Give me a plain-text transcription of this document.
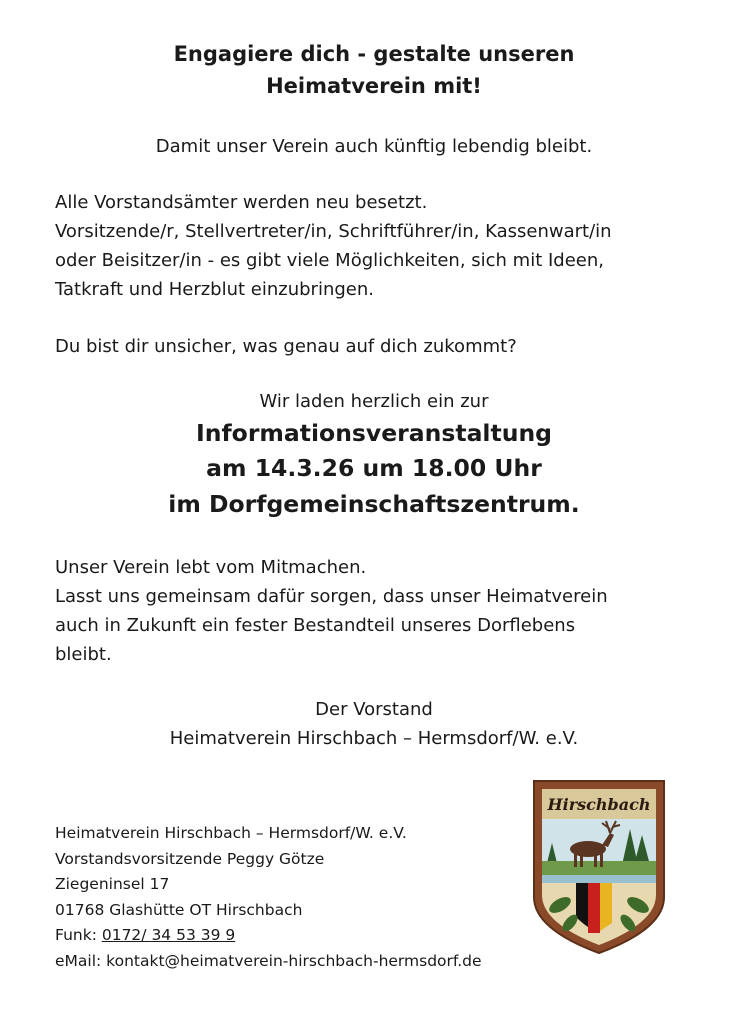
Engagiere dich - gestalte unseren
Heimatverein mit!
Damit unser Verein auch künftig lebendig bleibt.
Alle Vorstandsämter werden neu besetzt.
Vorsitzende/r, Stellvertreter/in, Schriftführer/in, Kassenwart/in
oder Beisitzer/in - es gibt viele Möglichkeiten, sich mit Ideen,
Tatkraft und Herzblut einzubringen.
Du bist dir unsicher, was genau auf dich zukommt?
Wir laden herzlich ein zur
Informationsveranstaltung
am 14.3.26 um 18.00 Uhr
im Dorfgemeinschaftszentrum.
Unser Verein lebt vom Mitmachen.
Lasst uns gemeinsam dafür sorgen, dass unser Heimatverein
auch in Zukunft ein fester Bestandteil unseres Dorflebens
bleibt.
Der Vorstand
Heimatverein Hirschbach – Hermsdorf/W. e.V.
Heimatverein Hirschbach – Hermsdorf/W. e.V.
Vorstandsvorsitzende Peggy Götze
Ziegeninsel 17
01768 Glashütte OT Hirschbach
Funk: 0172/ 34 53 39 9
eMail: kontakt@heimatverein-hirschbach-hermsdorf.de
Hirschbach
